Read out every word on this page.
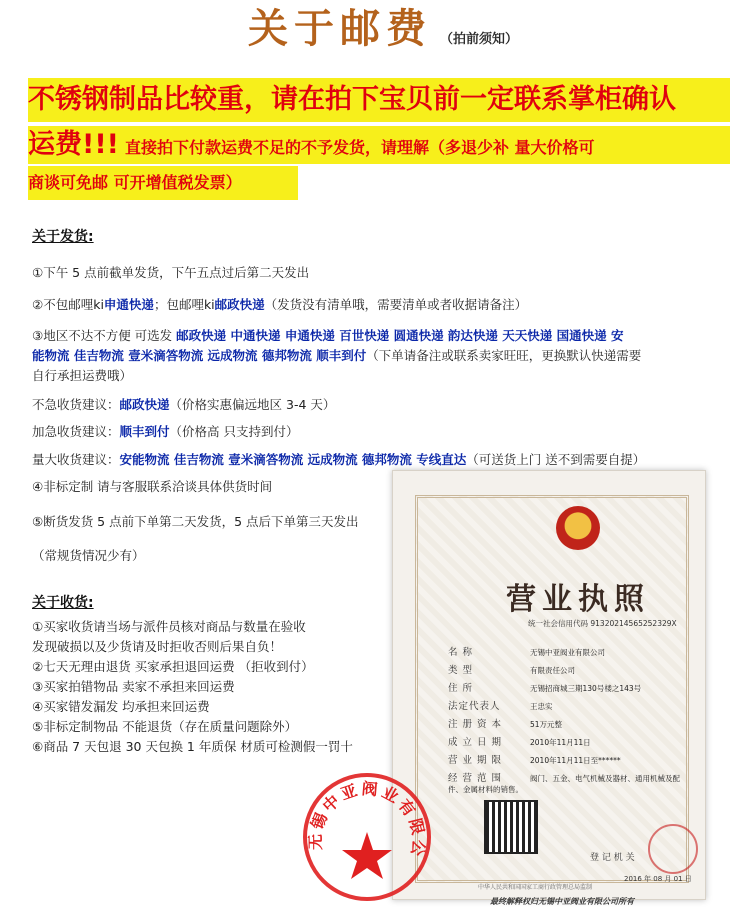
关于邮费 （拍前须知）
不锈钢制品比较重，请在拍下宝贝前一定联系掌柜确认
运费!!! 直接拍下付款运费不足的不予发货，请理解（多退少补 量大价格可
商谈可免邮 可开增值税发票）
关于发货:
①下午 5 点前截单发货，下午五点过后第二天发出
②不包邮哩ki申通快递；包邮哩ki邮政快递（发货没有清单哦，需要清单或者收据请备注）
③地区不达不方便 可选发 邮政快递 中通快递 申通快递 百世快递 圆通快递 韵达快递 天天快递 国通快递 安
能物流 佳吉物流 壹米滴答物流 远成物流 德邦物流 顺丰到付（下单请备注或联系卖家旺旺，更换默认快递需要
自行承担运费哦）
不急收货建议：邮政快递（价格实惠偏远地区 3-4 天）
加急收货建议：顺丰到付（价格高 只支持到付）
量大收货建议：安能物流 佳吉物流 壹米滴答物流 远成物流 德邦物流 专线直达（可送货上门 送不到需要自提）
④非标定制 请与客服联系洽谈具体供货时间
⑤断货发货 5 点前下单第二天发货，5 点后下单第三天发出
（常规货情况少有）
关于收货:
①买家收货请当场与派件员核对商品与数量在验收
发现破损以及少货请及时拒收否则后果自负！
②七天无理由退货 买家承担退回运费 （拒收到付）
③买家拍错物品 卖家不承担来回运费
④买家错发漏发 均承担来回运费
⑤非标定制物品 不能退货（存在质量问题除外）
⑥商品 7 天包退 30 天包换 1 年质保 材质可检测假一罚十
营业执照
统一社会信用代码 91320214565252329X
名 称	无锡中亚阀业有限公司
类 型	有限责任公司
住 所	无锡招商城三期130号楼之143号
法定代表人	王忠实
注 册 资 本	51万元整
成 立 日 期	2010年11月11日
营 业 期 限	2010年11月11日至******
经 营 范 围	阀门、五金、电气机械及器材、通用机械及配件、金属材料的销售。
登 记 机 关
2016 年 08 月 01 日
中华人民共和国国家工商行政管理总局监制
无锡中亚阀业有限公
最终解释权归无锡中亚阀业有限公司所有
